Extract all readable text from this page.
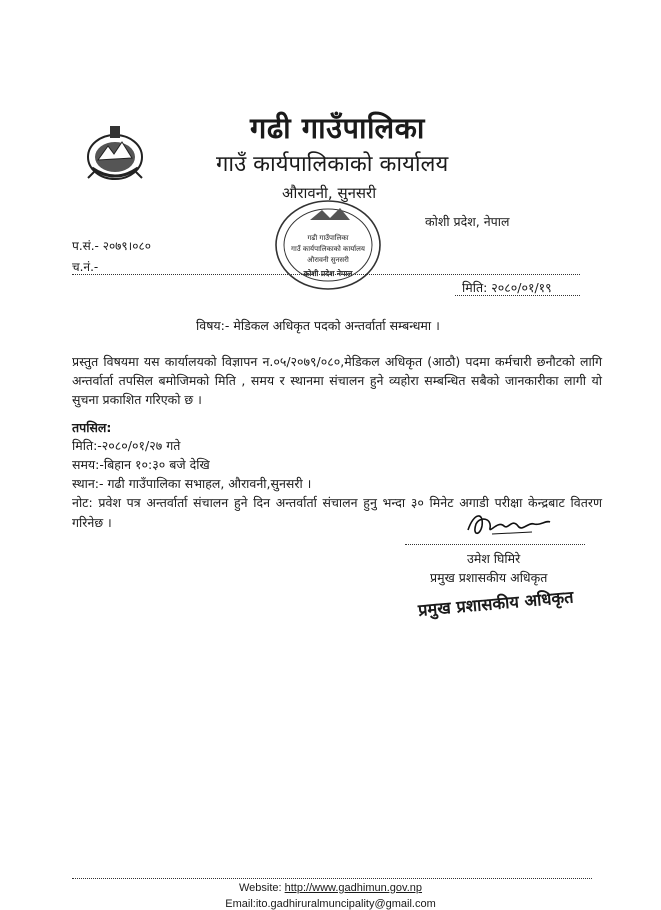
गढी गाउँपालिका
गाउँ कार्यपालिकाको कार्यालय
औरावनी, सुनसरी
कोशी प्रदेश, नेपाल
प.सं.- २०७९।०८०
च.नं.-
गढी गाउँपालिका
गाउँ कार्यपालिकाको कार्यालय
औरावनी सुनसरी
कोशी प्रदेश नेपाल
मिति: २०८०/०१/१९
विषय:- मेडिकल अधिकृत पदको अन्तर्वार्ता सम्बन्धमा ।

प्रस्तुत विषयमा यस कार्यालयको विज्ञापन न.०५/२०७९/०८०,मेडिकल अधिकृत (आठौ) पदमा कर्मचारी छनौटको लागि अन्तर्वार्ता तपसिल बमोजिमको मिति , समय र स्थानमा संचालन हुने व्यहोरा सम्बन्धित सबैको जानकारीका लागी यो सुचना प्रकाशित गरिएको छ ।

तपसिल:
मिति:-२०८०/०१/२७ गते
समय:-बिहान १०:३० बजे देखि
स्थान:- गढी गाउँपालिका सभाहल, औरावनी,सुनसरी ।
नोट: प्रवेश पत्र अन्तर्वार्ता संचालन हुने दिन अन्तर्वार्ता संचालन हुनु भन्दा ३० मिनेट अगाडी परीक्षा केन्द्रबाट वितरण गरिनेछ ।
उमेश घिमिरे
प्रमुख प्रशासकीय अधिकृत
प्रमुख प्रशासकीय अधिकृत
Website: http://www.gadhimun.gov.np
Email:ito.gadhiruralmuncipality@gmail.com
